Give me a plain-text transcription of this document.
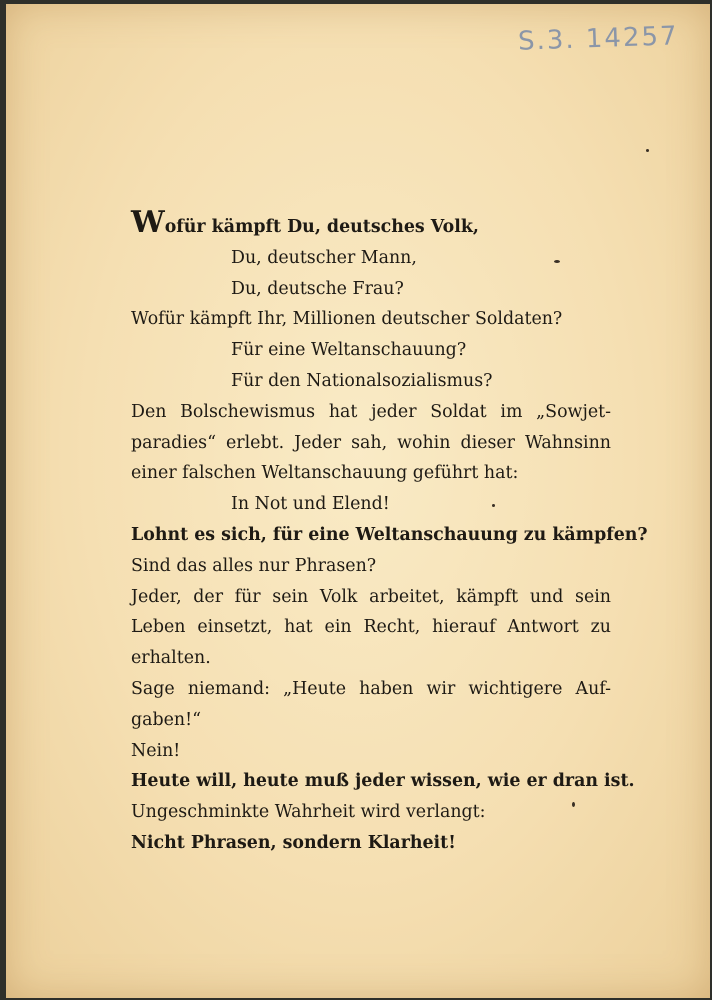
S.3. 14257
Wofür kämpft Du, deutsches Volk,
Du, deutscher Mann,
Du, deutsche Frau?
Wofür kämpft Ihr, Millionen deutscher Soldaten?
Für eine Weltanschauung?
Für den Nationalsozialismus?
Den Bolschewismus hat jeder Soldat im „Sowjet-
paradies“ erlebt. Jeder sah, wohin dieser Wahnsinn
einer falschen Weltanschauung geführt hat:
In Not und Elend!
Lohnt es sich, für eine Weltanschauung zu kämpfen?
Sind das alles nur Phrasen?
Jeder, der für sein Volk arbeitet, kämpft und sein
Leben einsetzt, hat ein Recht, hierauf Antwort zu
erhalten.
Sage niemand: „Heute haben wir wichtigere Auf-
gaben!“
Nein!
Heute will, heute muß jeder wissen, wie er dran ist.
Ungeschminkte Wahrheit wird verlangt:
Nicht Phrasen, sondern Klarheit!
